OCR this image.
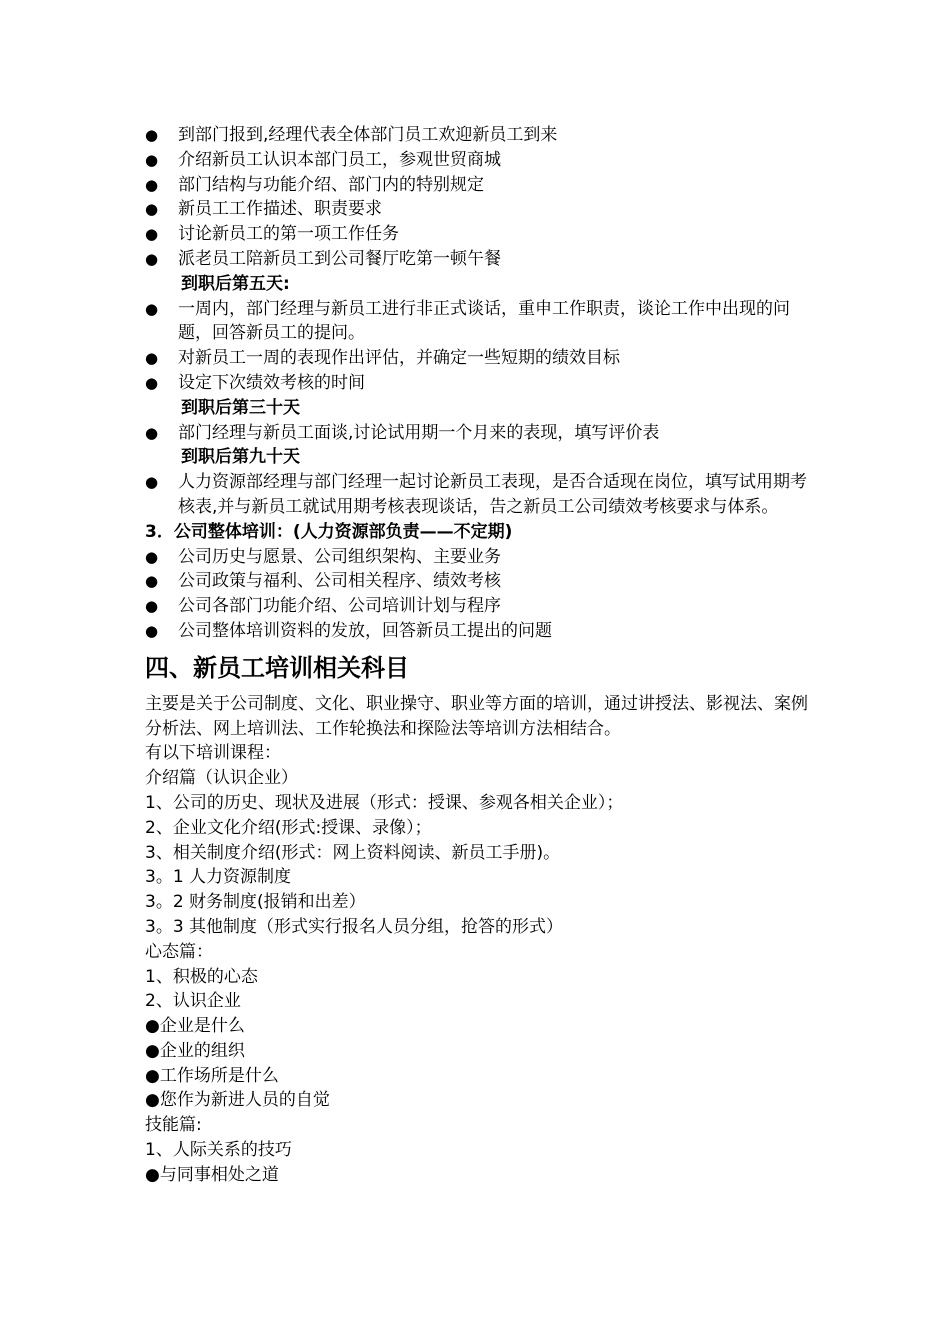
●	到部门报到,经理代表全体部门员工欢迎新员工到来
●	介绍新员工认识本部门员工，参观世贸商城
●	部门结构与功能介绍、部门内的特别规定
●	新员工工作描述、职责要求
●	讨论新员工的第一项工作任务
●	派老员工陪新员工到公司餐厅吃第一顿午餐
到职后第五天:
●	一周内，部门经理与新员工进行非正式谈话，重申工作职责，谈论工作中出现的问题，回答新员工的提问。
●	对新员工一周的表现作出评估，并确定一些短期的绩效目标
●	设定下次绩效考核的时间
到职后第三十天
●	部门经理与新员工面谈,讨论试用期一个月来的表现，填写评价表
到职后第九十天
●	人力资源部经理与部门经理一起讨论新员工表现，是否合适现在岗位，填写试用期考核表,并与新员工就试用期考核表现谈话，告之新员工公司绩效考核要求与体系。
3．公司整体培训：(人力资源部负责——不定期)
●	公司历史与愿景、公司组织架构、主要业务
●	公司政策与福利、公司相关程序、绩效考核
●	公司各部门功能介绍、公司培训计划与程序
●	公司整体培训资料的发放，回答新员工提出的问题
四、新员工培训相关科目
主要是关于公司制度、文化、职业操守、职业等方面的培训，通过讲授法、影视法、案例分析法、网上培训法、工作轮换法和探险法等培训方法相结合。
有以下培训课程：
介绍篇（认识企业）
1、公司的历史、现状及进展（形式：授课、参观各相关企业）；
2、企业文化介绍(形式:授课、录像）；
3、相关制度介绍(形式：网上资料阅读、新员工手册)。
3。1 人力资源制度
3。2 财务制度(报销和出差）
3。3 其他制度（形式实行报名人员分组，抢答的形式）
心态篇：
1、积极的心态
2、认识企业
●企业是什么
●企业的组织
●工作场所是什么
●您作为新进人员的自觉
技能篇:
1、人际关系的技巧
●与同事相处之道
